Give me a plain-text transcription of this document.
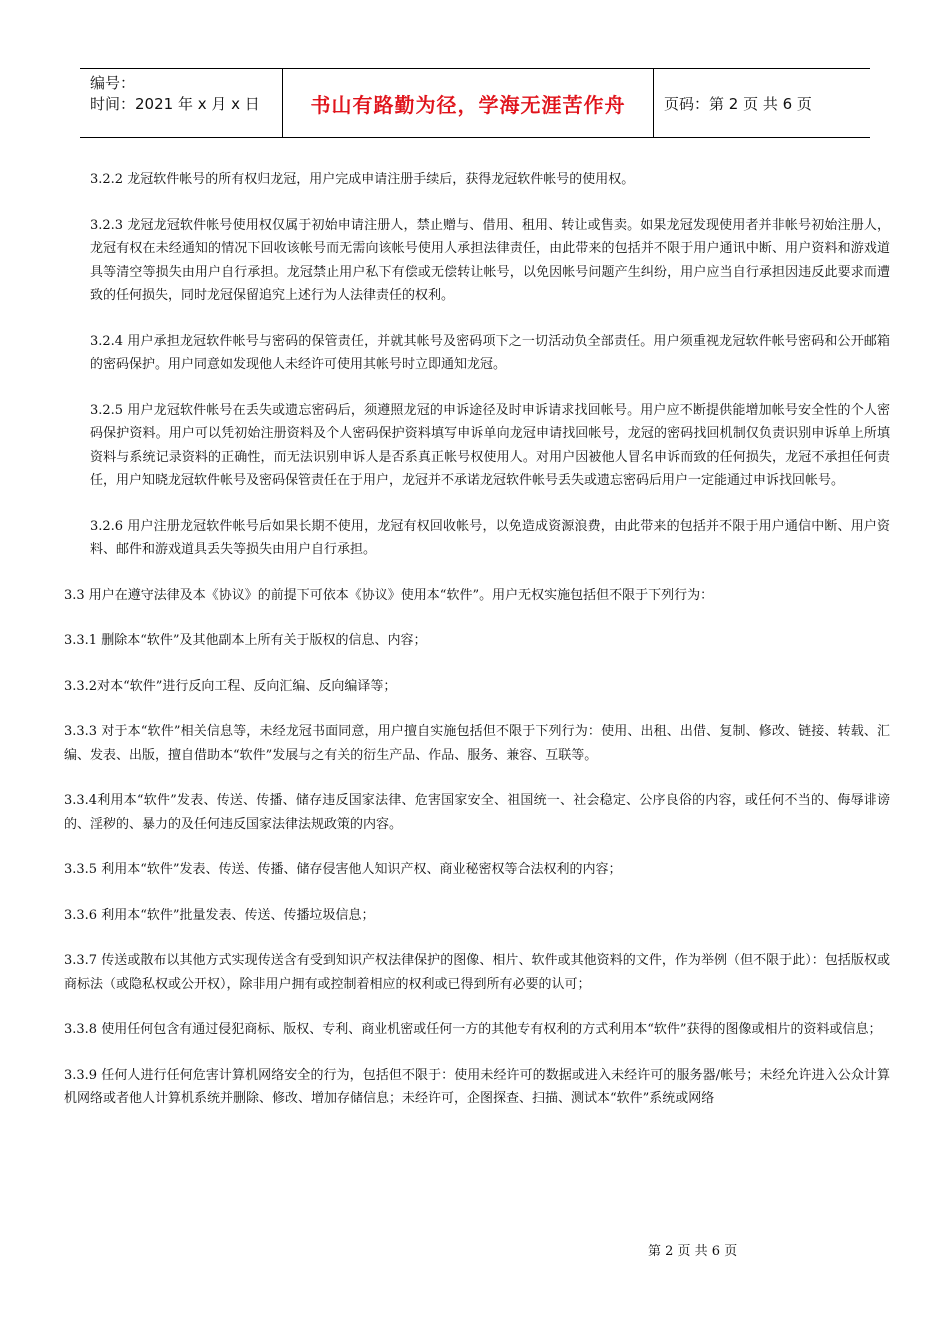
编号：
时间：2021 年 x 月 x 日	书山有路勤为径，学海无涯苦作舟	页码：第 2 页 共 6 页

3.2.2 龙冠软件帐号的所有权归龙冠，用户完成申请注册手续后，获得龙冠软件帐号的使用权。

3.2.3 龙冠龙冠软件帐号使用权仅属于初始申请注册人，禁止赠与、借用、租用、转让或售卖。如果龙冠发现使用者并非帐号初始注册人，龙冠有权在未经通知的情况下回收该帐号而无需向该帐号使用人承担法律责任，由此带来的包括并不限于用户通讯中断、用户资料和游戏道具等清空等损失由用户自行承担。龙冠禁止用户私下有偿或无偿转让帐号，以免因帐号问题产生纠纷，用户应当自行承担因违反此要求而遭致的任何损失，同时龙冠保留追究上述行为人法律责任的权利。

3.2.4 用户承担龙冠软件帐号与密码的保管责任，并就其帐号及密码项下之一切活动负全部责任。用户须重视龙冠软件帐号密码和公开邮箱的密码保护。用户同意如发现他人未经许可使用其帐号时立即通知龙冠。

3.2.5 用户龙冠软件帐号在丢失或遗忘密码后，须遵照龙冠的申诉途径及时申诉请求找回帐号。用户应不断提供能增加帐号安全性的个人密码保护资料。用户可以凭初始注册资料及个人密码保护资料填写申诉单向龙冠申请找回帐号，龙冠的密码找回机制仅负责识别申诉单上所填资料与系统记录资料的正确性，而无法识别申诉人是否系真正帐号权使用人。对用户因被他人冒名申诉而致的任何损失，龙冠不承担任何责任，用户知晓龙冠软件帐号及密码保管责任在于用户，龙冠并不承诺龙冠软件帐号丢失或遗忘密码后用户一定能通过申诉找回帐号。

3.2.6 用户注册龙冠软件帐号后如果长期不使用，龙冠有权回收帐号，以免造成资源浪费，由此带来的包括并不限于用户通信中断、用户资料、邮件和游戏道具丢失等损失由用户自行承担。

3.3 用户在遵守法律及本《协议》的前提下可依本《协议》使用本“软件”。用户无权实施包括但不限于下列行为：

3.3.1 删除本“软件”及其他副本上所有关于版权的信息、内容；

3.3.2对本“软件”进行反向工程、反向汇编、反向编译等；

3.3.3 对于本“软件”相关信息等，未经龙冠书面同意，用户擅自实施包括但不限于下列行为：使用、出租、出借、复制、修改、链接、转载、汇编、发表、出版，擅自借助本“软件”发展与之有关的衍生产品、作品、服务、兼容、互联等。

3.3.4利用本“软件”发表、传送、传播、储存违反国家法律、危害国家安全、祖国统一、社会稳定、公序良俗的内容，或任何不当的、侮辱诽谤的、淫秽的、暴力的及任何违反国家法律法规政策的内容。

3.3.5 利用本“软件”发表、传送、传播、储存侵害他人知识产权、商业秘密权等合法权利的内容；

3.3.6 利用本“软件”批量发表、传送、传播垃圾信息；

3.3.7 传送或散布以其他方式实现传送含有受到知识产权法律保护的图像、相片、软件或其他资料的文件，作为举例（但不限于此）：包括版权或商标法（或隐私权或公开权），除非用户拥有或控制着相应的权利或已得到所有必要的认可；

3.3.8 使用任何包含有通过侵犯商标、版权、专利、商业机密或任何一方的其他专有权利的方式利用本“软件”获得的图像或相片的资料或信息；

3.3.9 任何人进行任何危害计算机网络安全的行为，包括但不限于：使用未经许可的数据或进入未经许可的服务器/帐号；未经允许进入公众计算机网络或者他人计算机系统并删除、修改、增加存储信息；未经许可，企图探查、扫描、测试本“软件”系统或网络

第 2 页 共 6 页
